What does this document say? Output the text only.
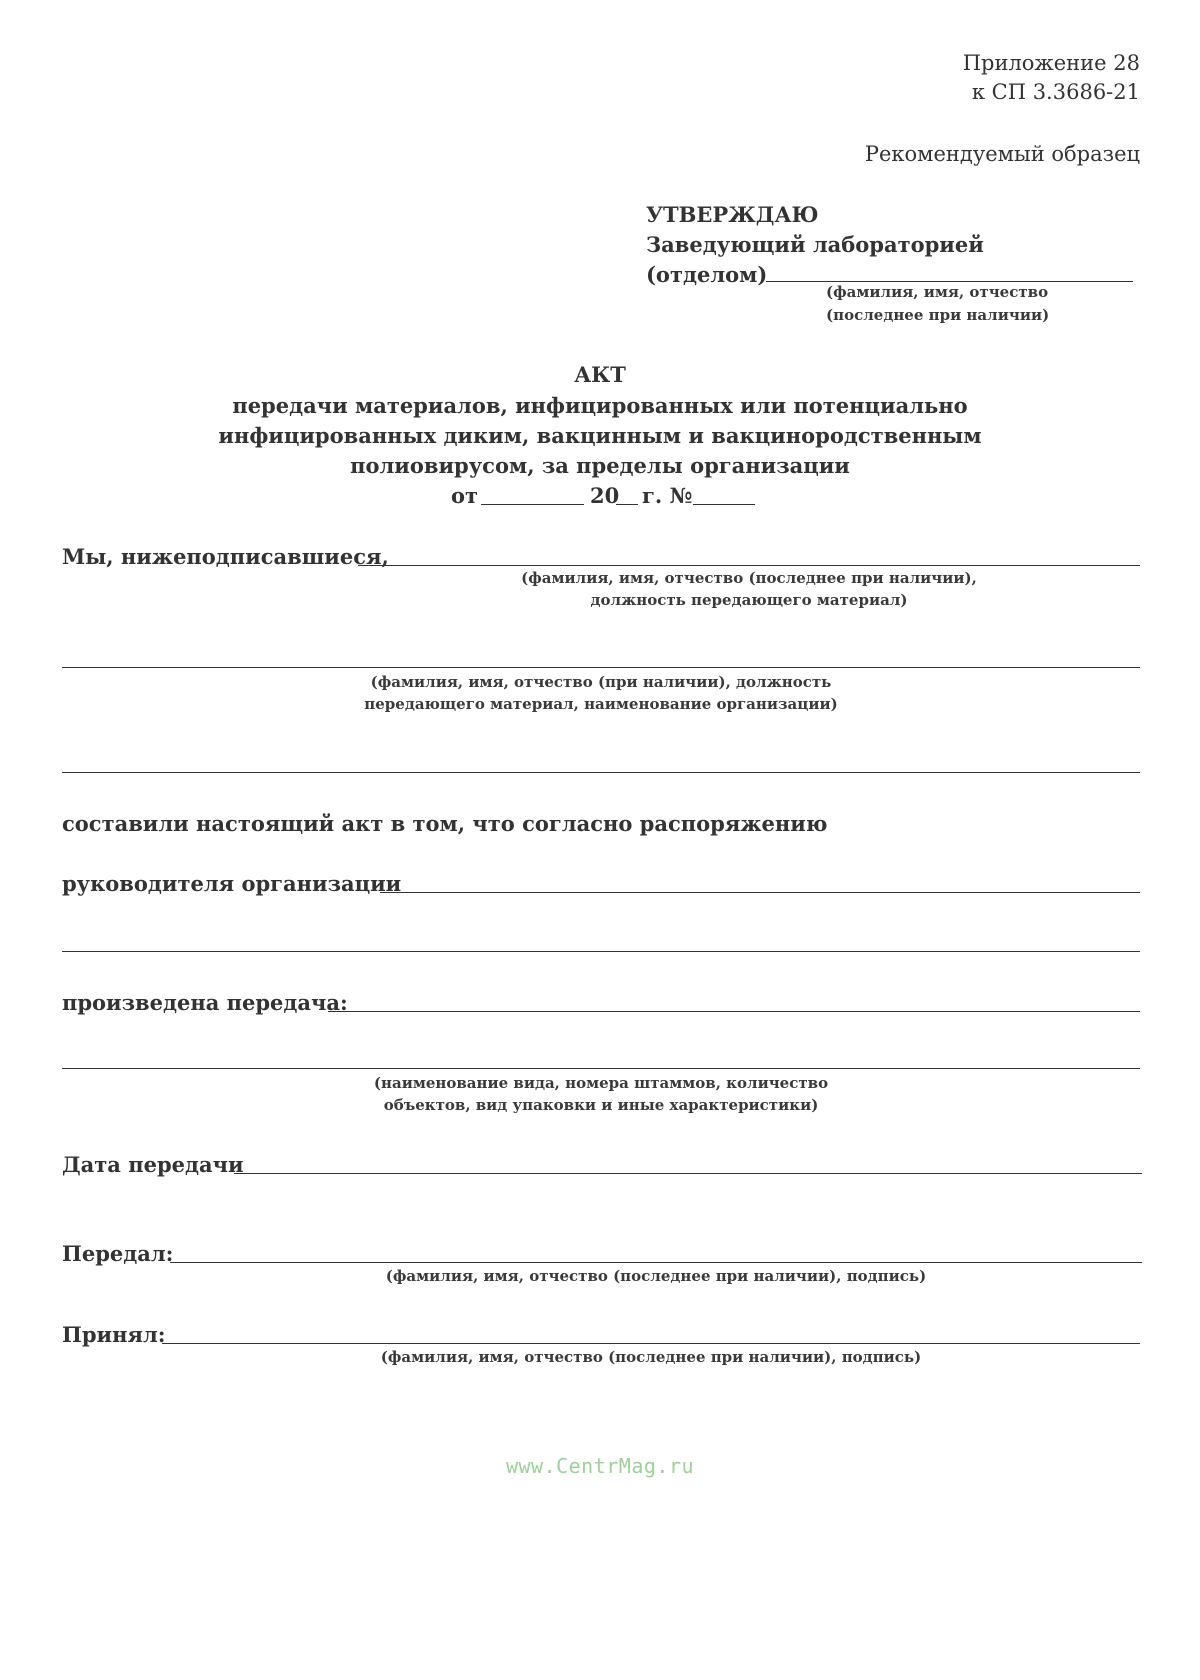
Приложение 28
к СП 3.3686-21
Рекомендуемый образец
УТВЕРЖДАЮ
Заведующий лабораторией
(отделом)
(фамилия, имя, отчество
(последнее при наличии)
АКТ
передачи материалов, инфицированных или потенциально
инфицированных диким, вакцинным и вакцинородственным
полиовирусом, за пределы организации
от	20 г. №
Мы, нижеподписавшиеся,
(фамилия, имя, отчество (последнее при наличии),
должность передающего материал)
(фамилия, имя, отчество (при наличии), должность
передающего материал, наименование организации)
составили настоящий акт в том, что согласно распоряжению
руководителя организации
произведена передача:
(наименование вида, номера штаммов, количество
объектов, вид упаковки и иные характеристики)
Дата передачи
Передал:
(фамилия, имя, отчество (последнее при наличии), подпись)
Принял:
(фамилия, имя, отчество (последнее при наличии), подпись)
www.CentrMag.ru
